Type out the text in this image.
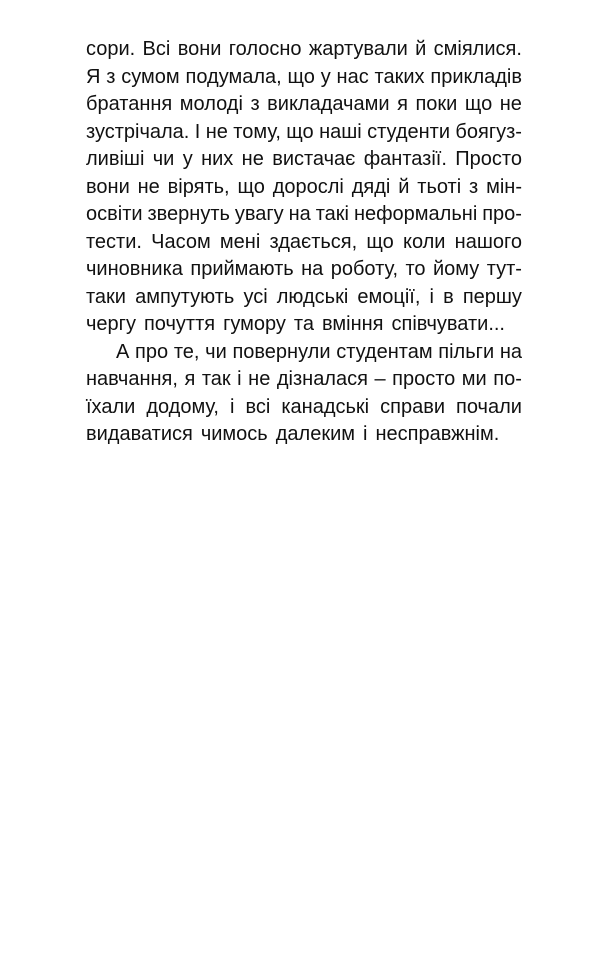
сори. Всі вони голосно жартували й сміялися.
Я з сумом подумала, що у нас таких прикладів
братання молоді з викладачами я поки що не
зустрічала. І не тому, що наші студенти боягуз-
ливіші чи у них не вистачає фантазії. Просто
вони не вірять, що дорослі дяді й тьоті з мін-
освіти звернуть увагу на такі неформальні про-
тести. Часом мені здається, що коли нашого
чиновника приймають на роботу, то йому тут-
таки ампутують усі людські емоції, і в першу
чергу почуття гумору та вміння співчувати...
А про те, чи повернули студентам пільги на
навчання, я так і не дізналася – просто ми по-
їхали додому, і всі канадські справи почали
видаватися чимось далеким і несправжнім.
